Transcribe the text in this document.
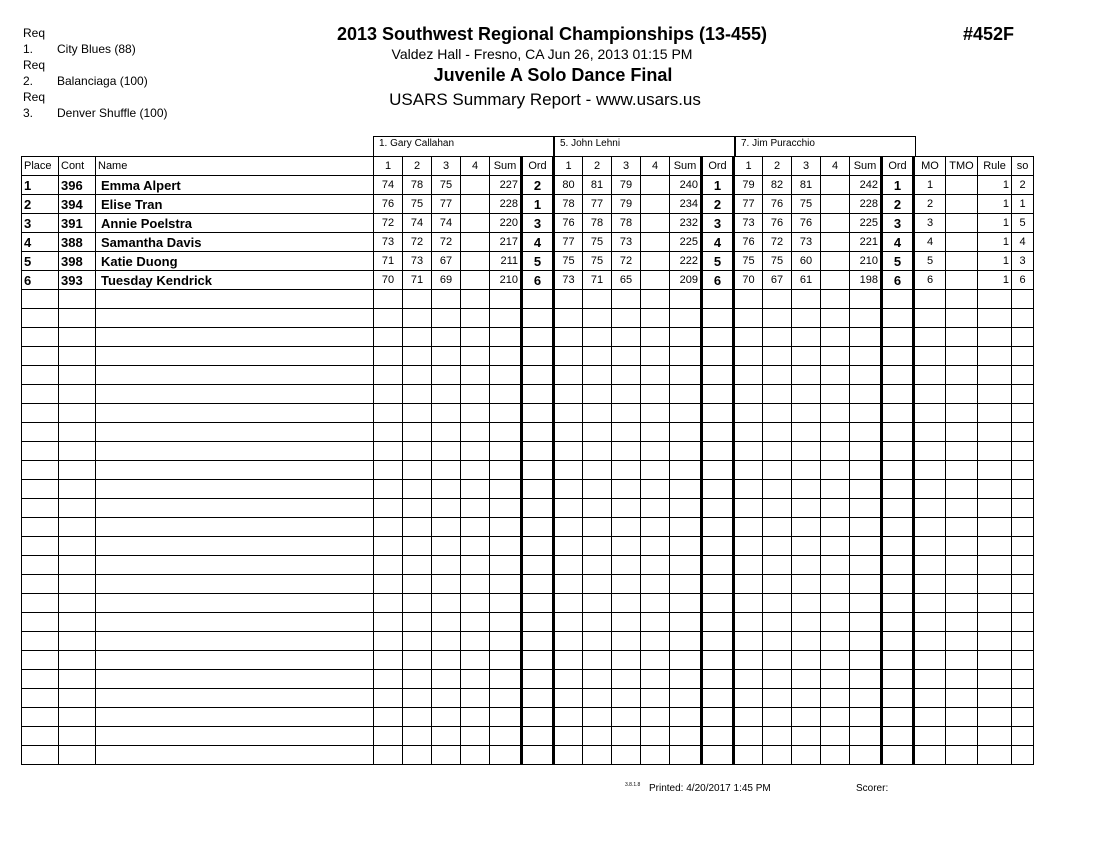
Req 1. City Blues (88)
Req 2. Balanciaga (100)
Req 3. Denver Shuffle (100)
2013 Southwest Regional Championships (13-455)	#452F
Valdez Hall - Fresno, CA Jun 26, 2013 01:15 PM
Juvenile A Solo Dance Final
USARS Summary Report - www.usars.us
1. Gary Callahan	5. John Lehni	7. Jim Puracchio
Place	Cont	Name	1	2	3	4	Sum	Ord	1	2	3	4	Sum	Ord	1	2	3	4	Sum	Ord	MO	TMO	Rule	so
1	396	Emma Alpert	74	78	75		227	2	80	81	79		240	1	79	82	81		242	1	1		1	2
2	394	Elise Tran	76	75	77		228	1	78	77	79		234	2	77	76	75		228	2	2		1	1
3	391	Annie Poelstra	72	74	74		220	3	76	78	78		232	3	73	76	76		225	3	3		1	5
4	388	Samantha Davis	73	72	72		217	4	77	75	73		225	4	76	72	73		221	4	4		1	4
5	398	Katie Duong	71	73	67		211	5	75	75	72		222	5	75	75	60		210	5	5		1	3
6	393	Tuesday Kendrick	70	71	69		210	6	73	71	65		209	6	70	67	61		198	6	6		1	6

3.8.1.8 Printed: 4/20/2017 1:45 PM	Scorer:
